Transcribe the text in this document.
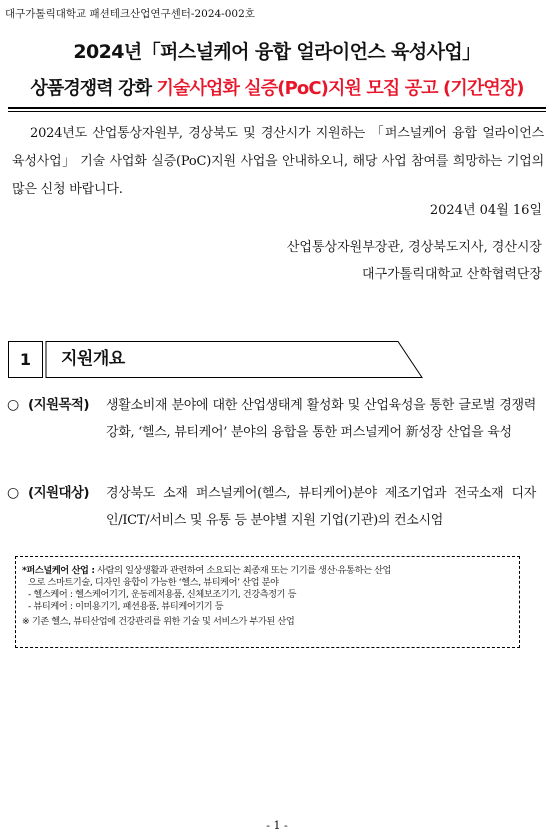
대구가톨릭대학교 패션테크산업연구센터-2024-002호
2024년「퍼스널케어 융합 얼라이언스 육성사업」
상품경쟁력 강화 기술사업화 실증(PoC)지원 모집 공고 (기간연장)
2024년도 산업통상자원부, 경상북도 및 경산시가 지원하는 「퍼스널케어 융합 얼라이언스 육성사업」 기술 사업화 실증(PoC)지원 사업을 안내하오니, 해당 사업 참여를 희망하는 기업의 많은 신청 바랍니다.
2024년 04월 16일
산업통상자원부장관, 경상북도지사, 경산시장
대구가톨릭대학교 산학협력단장
1	지원개요
○ (지원목적) 생활소비재 분야에 대한 산업생태계 활성화 및 산업육성을 통한 글로벌 경쟁력 강화, ‘헬스, 뷰티케어’ 분야의 융합을 통한 퍼스널케어 新성장 산업을 육성
○ (지원대상) 경상북도 소재 퍼스널케어(헬스, 뷰티케어)분야 제조기업과 전국소재 디자인/ICT/서비스 및 유통 등 분야별 지원 기업(기관)의 컨소시엄
*퍼스널케어 산업 : 사람의 일상생활과 관련하여 소요되는 최종재 또는 기기를 생산·유통하는 산업
으로 스마트기술, 디자인 융합이 가능한 ‘헬스, 뷰티케어’ 산업 분야
- 헬스케어 : 헬스케어기기, 운동레저용품, 신체보조기기, 건강측정기 등
- 뷰티케어 : 이미용기기, 패션용품, 뷰티케어기기 등
※ 기존 헬스, 뷰티산업에 건강관리를 위한 기술 및 서비스가 부가된 산업
- 1 -
